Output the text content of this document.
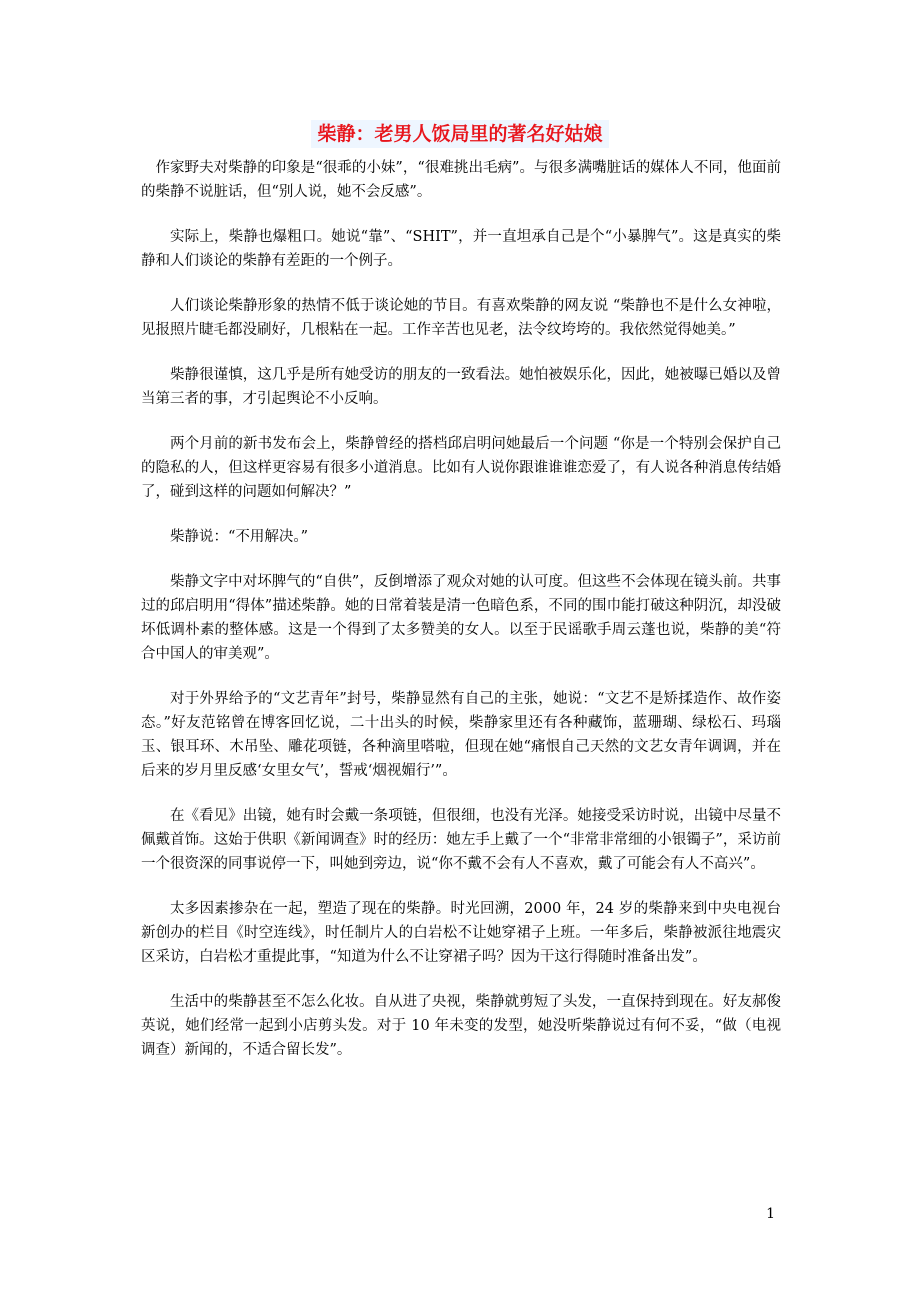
柴静：老男人饭局里的著名好姑娘

作家野夫对柴静的印象是“很乖的小妹”，“很难挑出毛病”。与很多满嘴脏话的媒体人不同，他面前的柴静不说脏话，但“别人说，她不会反感”。

实际上，柴静也爆粗口。她说“靠”、“SHIT”，并一直坦承自己是个“小暴脾气”。这是真实的柴静和人们谈论的柴静有差距的一个例子。

人们谈论柴静形象的热情不低于谈论她的节目。有喜欢柴静的网友说 “柴静也不是什么女神啦，见报照片睫毛都没刷好，几根粘在一起。工作辛苦也见老，法令纹垮垮的。我依然觉得她美。”

柴静很谨慎，这几乎是所有她受访的朋友的一致看法。她怕被娱乐化，因此，她被曝已婚以及曾当第三者的事，才引起舆论不小反响。

两个月前的新书发布会上，柴静曾经的搭档邱启明问她最后一个问题 “你是一个特别会保护自己的隐私的人，但这样更容易有很多小道消息。比如有人说你跟谁谁谁恋爱了，有人说各种消息传结婚了，碰到这样的问题如何解决？”

柴静说：“不用解决。”

柴静文字中对坏脾气的“自供”，反倒增添了观众对她的认可度。但这些不会体现在镜头前。共事过的邱启明用“得体”描述柴静。她的日常着装是清一色暗色系，不同的围巾能打破这种阴沉，却没破坏低调朴素的整体感。这是一个得到了太多赞美的女人。以至于民谣歌手周云蓬也说，柴静的美“符合中国人的审美观”。

对于外界给予的“文艺青年”封号，柴静显然有自己的主张，她说：“文艺不是矫揉造作、故作姿态。”好友范铭曾在博客回忆说，二十出头的时候，柴静家里还有各种藏饰，蓝珊瑚、绿松石、玛瑙玉、银耳环、木吊坠、雕花项链，各种滴里嗒啦，但现在她“痛恨自己天然的文艺女青年调调，并在后来的岁月里反感‘女里女气’，誓戒‘烟视媚行’”。

在《看见》出镜，她有时会戴一条项链，但很细，也没有光泽。她接受采访时说，出镜中尽量不佩戴首饰。这始于供职《新闻调查》时的经历：她左手上戴了一个“非常非常细的小银镯子”，采访前一个很资深的同事说停一下，叫她到旁边，说“你不戴不会有人不喜欢，戴了可能会有人不高兴”。

太多因素掺杂在一起，塑造了现在的柴静。时光回溯，2000 年，24 岁的柴静来到中央电视台新创办的栏目《时空连线》，时任制片人的白岩松不让她穿裙子上班。一年多后，柴静被派往地震灾区采访，白岩松才重提此事，“知道为什么不让穿裙子吗？因为干这行得随时准备出发”。

生活中的柴静甚至不怎么化妆。自从进了央视，柴静就剪短了头发，一直保持到现在。好友郝俊英说，她们经常一起到小店剪头发。对于 10 年未变的发型，她没听柴静说过有何不妥，“做（电视调查）新闻的，不适合留长发”。

1
